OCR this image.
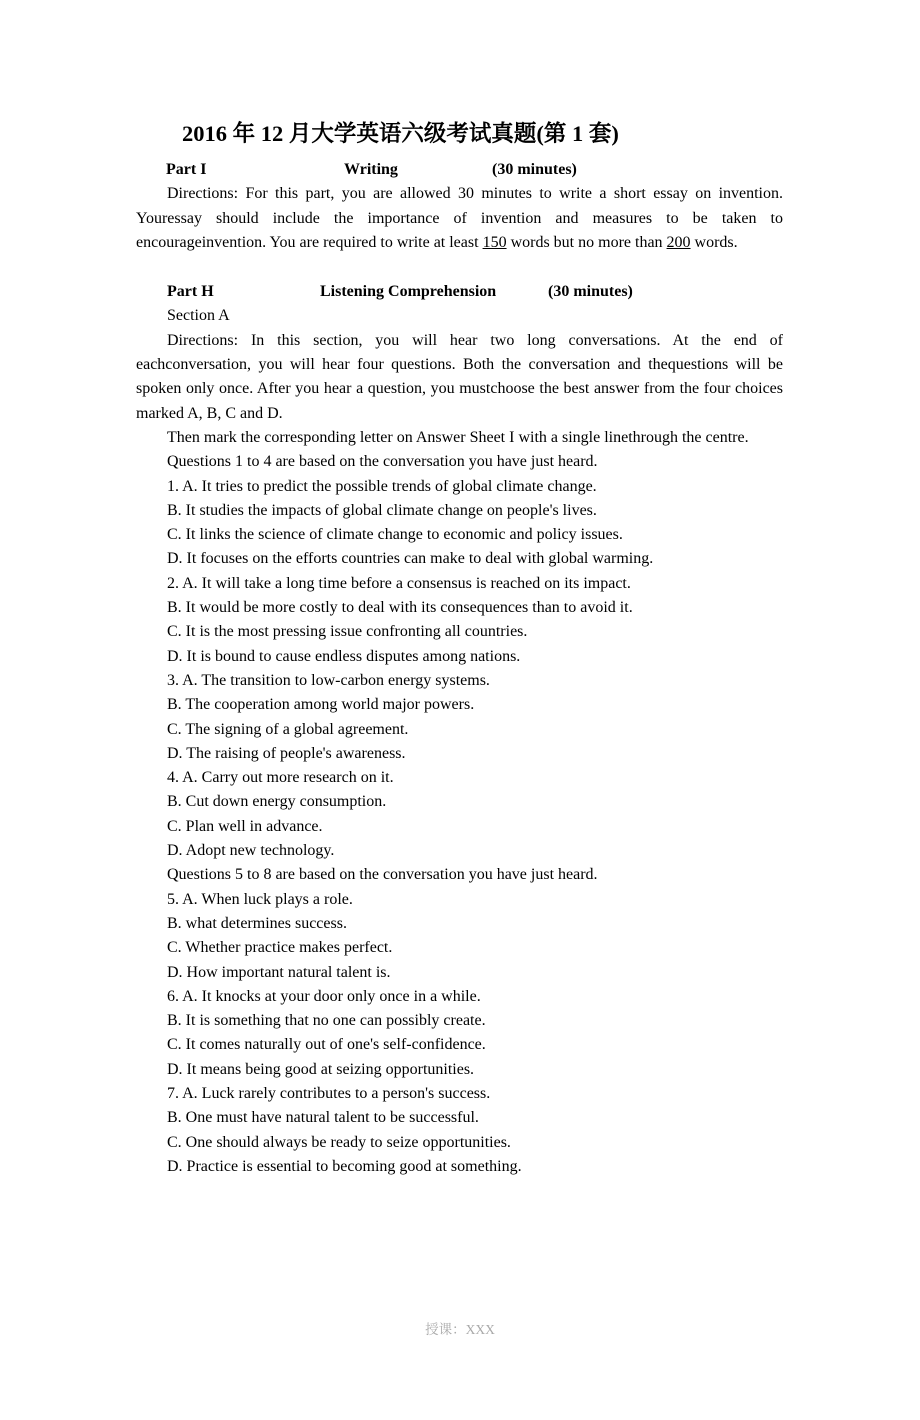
2016 年 12 月大学英语六级考试真题(第 1 套)
Part I	Writing	(30 minutes)

Directions: For this part, you are allowed 30 minutes to write a short essay on invention. Youressay should include the importance of invention and measures to be taken to encourageinvention. You are required to write at least 150 words but no more than 200 words.

Part H	Listening Comprehension	(30 minutes)
Section A

Directions: In this section, you will hear two long conversations. At the end of eachconversation, you will hear four questions. Both the conversation and thequestions will be spoken only once. After you hear a question, you mustchoose the best answer from the four choices marked A, B, C and D.

Then mark the corresponding letter on Answer Sheet I with a single linethrough the centre.
Questions 1 to 4 are based on the conversation you have just heard.
1. A. It tries to predict the possible trends of global climate change.
B. It studies the impacts of global climate change on people's lives.
C. It links the science of climate change to economic and policy issues.
D. It focuses on the efforts countries can make to deal with global warming.
2. A. It will take a long time before a consensus is reached on its impact.
B. It would be more costly to deal with its consequences than to avoid it.
C. It is the most pressing issue confronting all countries.
D. It is bound to cause endless disputes among nations.
3. A. The transition to low-carbon energy systems.
B. The cooperation among world major powers.
C. The signing of a global agreement.
D. The raising of people's awareness.
4. A. Carry out more research on it.
B. Cut down energy consumption.
C. Plan well in advance.
D. Adopt new technology.
Questions 5 to 8 are based on the conversation you have just heard.
5. A. When luck plays a role.
B. what determines success.
C. Whether practice makes perfect.
D. How important natural talent is.
6. A. It knocks at your door only once in a while.
B. It is something that no one can possibly create.
C. It comes naturally out of one's self-confidence.
D. It means being good at seizing opportunities.
7. A. Luck rarely contributes to a person's success.
B. One must have natural talent to be successful.
C. One should always be ready to seize opportunities.
D. Practice is essential to becoming good at something.
授课：XXX
